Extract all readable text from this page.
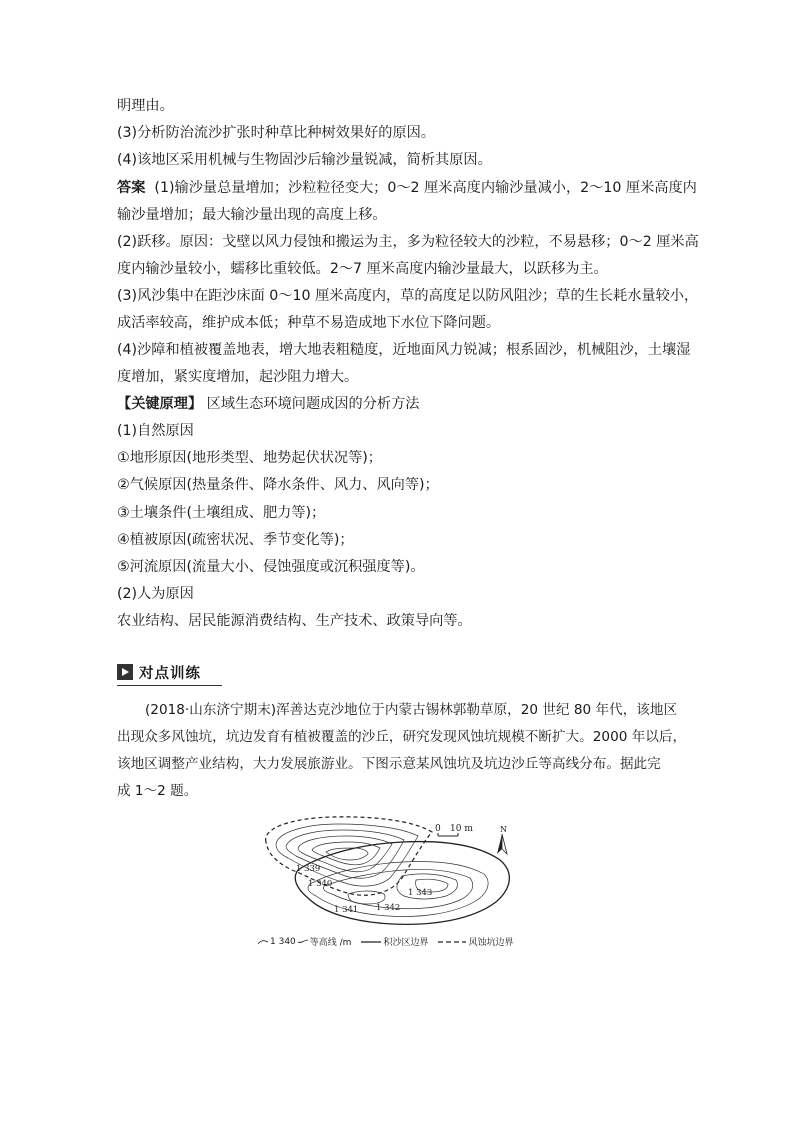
明理由。
(3)分析防治流沙扩张时种草比种树效果好的原因。
(4)该地区采用机械与生物固沙后输沙量锐减，简析其原因。
答案 (1)输沙量总量增加；沙粒粒径变大；0～2 厘米高度内输沙量减小，2～10 厘米高度内
输沙量增加；最大输沙量出现的高度上移。
(2)跃移。原因：戈壁以风力侵蚀和搬运为主，多为粒径较大的沙粒，不易悬移；0～2 厘米高
度内输沙量较小，蠕移比重较低。2～7 厘米高度内输沙量最大，以跃移为主。
(3)风沙集中在距沙床面 0～10 厘米高度内，草的高度足以防风阻沙；草的生长耗水量较小，
成活率较高，维护成本低；种草不易造成地下水位下降问题。
(4)沙障和植被覆盖地表，增大地表粗糙度，近地面风力锐减；根系固沙，机械阻沙，土壤湿
度增加，紧实度增加，起沙阻力增大。
【关键原理】 区域生态环境问题成因的分析方法
(1)自然原因
①地形原因(地形类型、地势起伏状况等)；
②气候原因(热量条件、降水条件、风力、风向等)；
③土壤条件(土壤组成、肥力等)；
④植被原因(疏密状况、季节变化等)；
⑤河流原因(流量大小、侵蚀强度或沉积强度等)。
(2)人为原因
农业结构、居民能源消费结构、生产技术、政策导向等。
对点训练
(2018·山东济宁期末)浑善达克沙地位于内蒙古锡林郭勒草原，20 世纪 80 年代，该地区
出现众多风蚀坑，坑边发育有植被覆盖的沙丘，研究发现风蚀坑规模不断扩大。2000 年以后，
该地区调整产业结构，大力发展旅游业。下图示意某风蚀坑及坑边沙丘等高线分布。据此完
成 1～2 题。
0 10 m	N
1 339
1 340
1 341 1 342
1 343
1 340 等高线 /m	积沙区边界	风蚀坑边界
